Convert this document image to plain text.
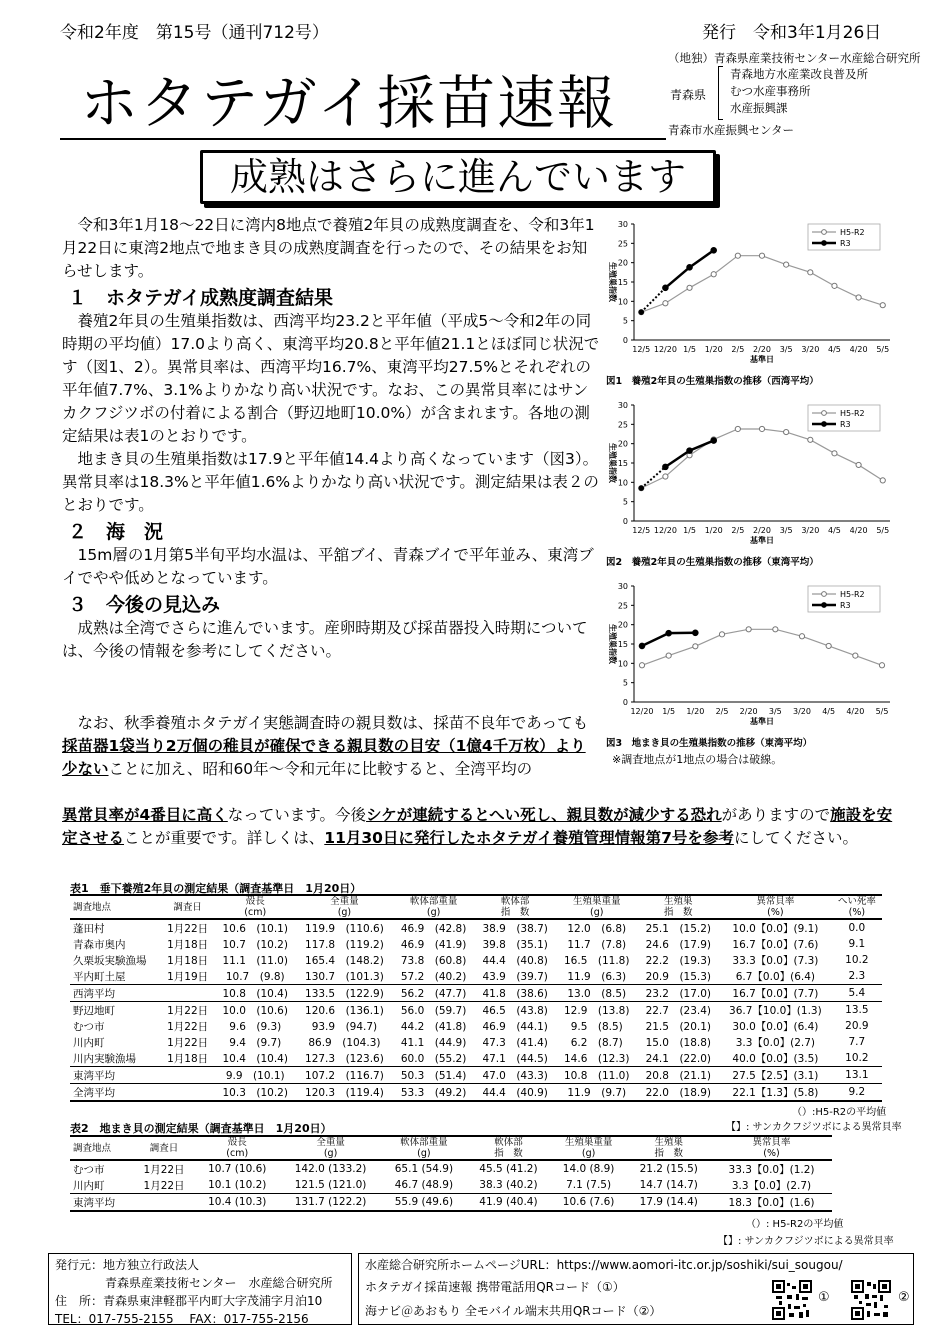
令和2年度　第15号（通刊712号）	発行　令和3年1月26日
（地独）青森県産業技術センター水産総合研究所
青森県
青森地方水産業改良普及所
むつ水産事務所
水産振興課
青森市水産振興センター
ホタテガイ採苗速報
成熟はさらに進んでいます

令和3年1月18～22日に湾内8地点で養殖2年貝の成熟度調査を、令和3年1月22日に東湾2地点で地まき貝の成熟度調査を行ったので、その結果をお知らせします。

１　ホタテガイ成熟度調査結果

養殖2年貝の生殖巣指数は、西湾平均23.2と平年値（平成5～令和2年の同時期の平均値）17.0より高く、東湾平均20.8と平年値21.1とほぼ同じ状況です（図1、2）。異常貝率は、西湾平均16.7%、東湾平均27.5%とそれぞれの平年値7.7%、3.1%よりかなり高い状況です。なお、この異常貝率にはサンカクフジツボの付着による割合（野辺地町10.0%）が含まれます。各地の測定結果は表1のとおりです。

地まき貝の生殖巣指数は17.9と平年値14.4より高くなっています（図3）。異常貝率は18.3%と平年値1.6%よりかなり高い状況です。測定結果は表２のとおりです。

２　海　況

15m層の1月第5半旬平均水温は、平舘ブイ、青森ブイで平年並み、東湾ブイでやや低めとなっています。

３　今後の見込み

成熟は全湾でさらに進んでいます。産卵時期及び採苗器投入時期については、今後の情報を参考にしてください。

なお、秋季養殖ホタテガイ実態調査時の親貝数は、採苗不良年であっても採苗器1袋当り2万個の稚貝が確保できる親貝数の目安（1億4千万枚）より少ないことに加え、昭和60年～令和元年に比較すると、全湾平均の

異常貝率が4番目に高くなっています。今後シケが連続するとへい死し、親貝数が減少する恐れがありますので施設を安定させることが重要です。詳しくは、11月30日に発行したホタテガイ養殖管理情報第7号を参考にしてください。

0
5
10
15
20
25
30
12/5 12/20 1/5 1/20 2/5 2/20 3/5 3/20 4/5 4/20 5/5
基準日
生殖巣指数
H5-R2
R3
図1　養殖2年貝の生殖巣指数の推移（西湾平均）
0
5
10
15
20
25
30
12/5 12/20 1/5 1/20 2/5 2/20 3/5 3/20 4/5 4/20 5/5
基準日
生殖巣指数
H5-R2
R3
図2　養殖2年貝の生殖巣指数の推移（東湾平均）
0
5
10
15
20
25
30
12/20 1/5 1/20 2/5 2/20 3/5 3/20 4/5 4/20 5/5
基準日
生殖巣指数
H5-R2
R3
図3　地まき貝の生殖巣指数の推移（東湾平均）
※調査地点が1地点の場合は破線。
表1　垂下養殖2年貝の測定結果（調査基準日　1月20日）
調査地点	調査日	殻長
(cm)	全重量
(g)	軟体部重量
(g)	軟体部
指　数	生殖巣重量
(g)	生殖巣
指　数	異常貝率
(%)	へい死率
(%)
蓬田村	1月22日	10.6　(10.1)	119.9　(110.6)	46.9　(42.8)	38.9　(38.7)	12.0　(6.8)	25.1　(15.2)	10.0【0.0】(9.1)	0.0
青森市奥内	1月18日	10.7　(10.2)	117.8　(119.2)	46.9　(41.9)	39.8　(35.1)	11.7　(7.8)	24.6　(17.9)	16.7【0.0】(7.6)	9.1
久栗坂実験漁場	1月18日	11.1　(11.0)	165.4　(148.2)	73.8　(60.8)	44.4　(40.8)	16.5　(11.8)	22.2　(19.3)	33.3【0.0】(7.3)	10.2
平内町土屋	1月19日	10.7　(9.8)	130.7　(101.3)	57.2　(40.2)	43.9　(39.7)	11.9　(6.3)	20.9　(15.3)	6.7【0.0】(6.4)	2.3
西湾平均		10.8　(10.4)	133.5　(122.9)	56.2　(47.7)	41.8　(38.6)	13.0　(8.5)	23.2　(17.0)	16.7【0.0】(7.7)	5.4
野辺地町	1月22日	10.0　(10.6)	120.6　(136.1)	56.0　(59.7)	46.5　(43.8)	12.9　(13.8)	22.7　(23.4)	36.7【10.0】(1.3)	13.5
むつ市	1月22日	9.6　(9.3)	93.9　(94.7)	44.2　(41.8)	46.9　(44.1)	9.5　(8.5)	21.5　(20.1)	30.0【0.0】(6.4)	20.9
川内町	1月22日	9.4　(9.7)	86.9　(104.3)	41.1　(44.9)	47.3　(41.4)	6.2　(8.7)	15.0　(18.8)	3.3【0.0】(2.7)	7.7
川内実験漁場	1月18日	10.4　(10.4)	127.3　(123.6)	60.0　(55.2)	47.1　(44.5)	14.6　(12.3)	24.1　(22.0)	40.0【0.0】(3.5)	10.2
東湾平均		9.9　(10.1)	107.2　(116.7)	50.3　(51.4)	47.0　(43.3)	10.8　(11.0)	20.8　(21.1)	27.5【2.5】(3.1)	13.1
全湾平均		10.3　(10.2)	120.3　(119.4)	53.3　(49.2)	44.4　(40.9)	11.9　(9.7)	22.0　(18.9)	22.1【1.3】(5.8)	9.2
（）:H5-R2の平均値
【】: サンカクフジツボによる異常貝率
表2　地まき貝の測定結果（調査基準日　1月20日）
調査地点	調査日	殻長
(cm)	全重量
(g)	軟体部重量
(g)	軟体部
指　数	生殖巣重量
(g)	生殖巣
指　数	異常貝率
(%)
むつ市	1月22日	10.7 (10.6)	142.0 (133.2)	65.1 (54.9)	45.5 (41.2)	14.0 (8.9)	21.2 (15.5)	33.3【0.0】(1.2)
川内町	1月22日	10.1 (10.2)	121.5 (121.0)	46.7 (48.9)	38.3 (40.2)	7.1 (7.5)	14.7 (14.7)	3.3【0.0】(2.7)
東湾平均		10.4 (10.3)	131.7 (122.2)	55.9 (49.6)	41.9 (40.4)	10.6 (7.6)	17.9 (14.4)	18.3【0.0】(1.6)
（）: H5-R2の平均値
【】: サンカクフジツボによる異常貝率
発行元：地方独立行政法人
青森県産業技術センター　水産総合研究所
住　所：青森県東津軽郡平内町大字茂浦字月泊10
TEL：017-755-2155　 FAX：017-755-2156
水産総合研究所ホームページURL：https://www.aomori-itc.or.jp/soshiki/sui_sougou/
ホタテガイ採苗速報 携帯電話用QRコード（①）
海ナビ＠あおもり 全モバイル端末共用QRコード（②）
①	②
